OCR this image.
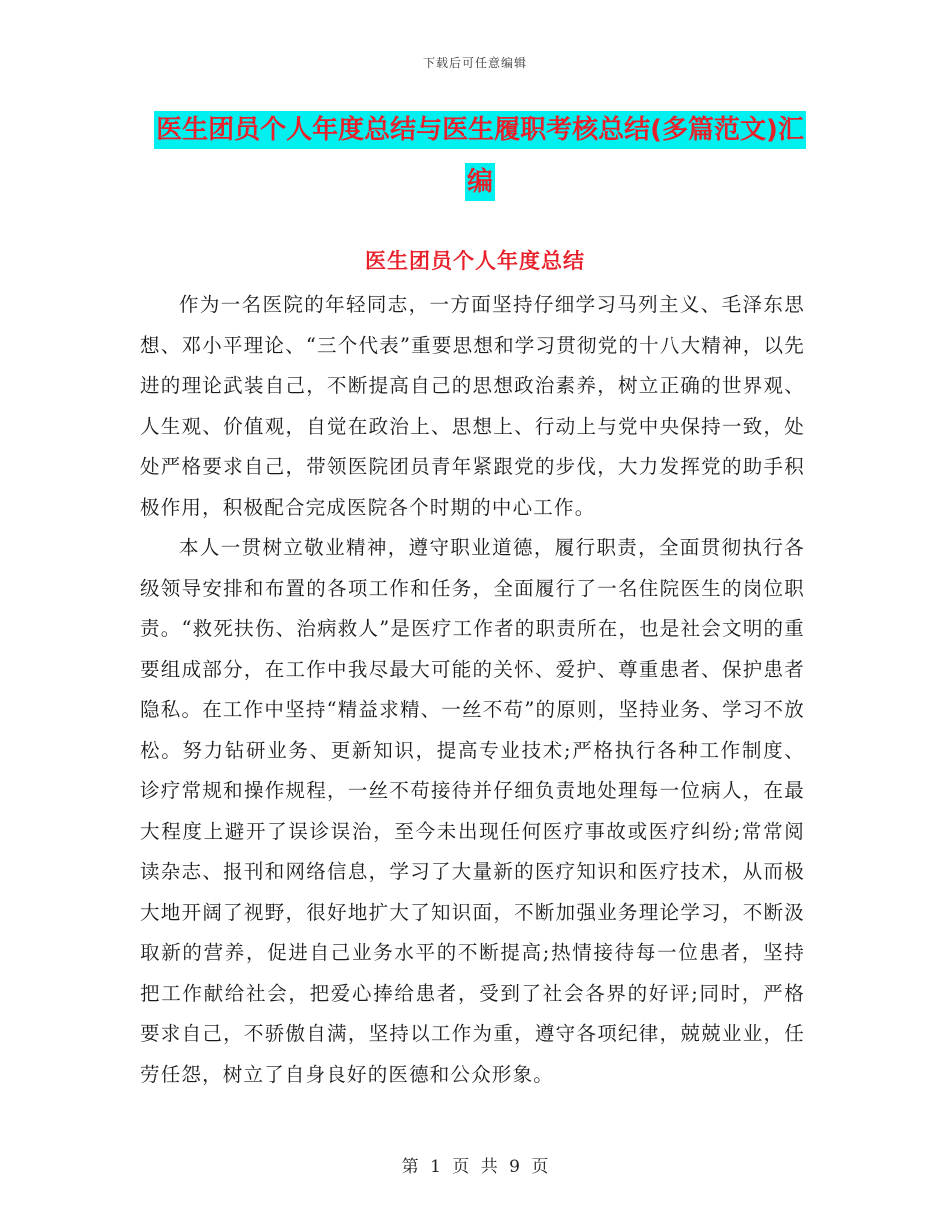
下载后可任意编辑
医生团员个人年度总结与医生履职考核总结(多篇范文)汇编
医生团员个人年度总结

作为一名医院的年轻同志，一方面坚持仔细学习马列主义、毛泽东思想、邓小平理论、“三个代表”重要思想和学习贯彻党的十八大精神，以先进的理论武装自己，不断提高自己的思想政治素养，树立正确的世界观、人生观、价值观，自觉在政治上、思想上、行动上与党中央保持一致，处处严格要求自己，带领医院团员青年紧跟党的步伐，大力发挥党的助手积极作用，积极配合完成医院各个时期的中心工作。

本人一贯树立敬业精神，遵守职业道德，履行职责，全面贯彻执行各级领导安排和布置的各项工作和任务，全面履行了一名住院医生的岗位职责。“救死扶伤、治病救人”是医疗工作者的职责所在，也是社会文明的重要组成部分，在工作中我尽最大可能的关怀、爱护、尊重患者、保护患者隐私。在工作中坚持“精益求精、一丝不苟”的原则，坚持业务、学习不放松。努力钻研业务、更新知识，提高专业技术;严格执行各种工作制度、诊疗常规和操作规程，一丝不苟接待并仔细负责地处理每一位病人，在最大程度上避开了误诊误治，至今未出现任何医疗事故或医疗纠纷;常常阅读杂志、报刊和网络信息，学习了大量新的医疗知识和医疗技术，从而极大地开阔了视野，很好地扩大了知识面，不断加强业务理论学习，不断汲取新的营养，促进自己业务水平的不断提高;热情接待每一位患者，坚持把工作献给社会，把爱心捧给患者，受到了社会各界的好评;同时，严格要求自己，不骄傲自满，坚持以工作为重，遵守各项纪律，兢兢业业，任劳任怨，树立了自身良好的医德和公众形象。

第 1 页 共 9 页
